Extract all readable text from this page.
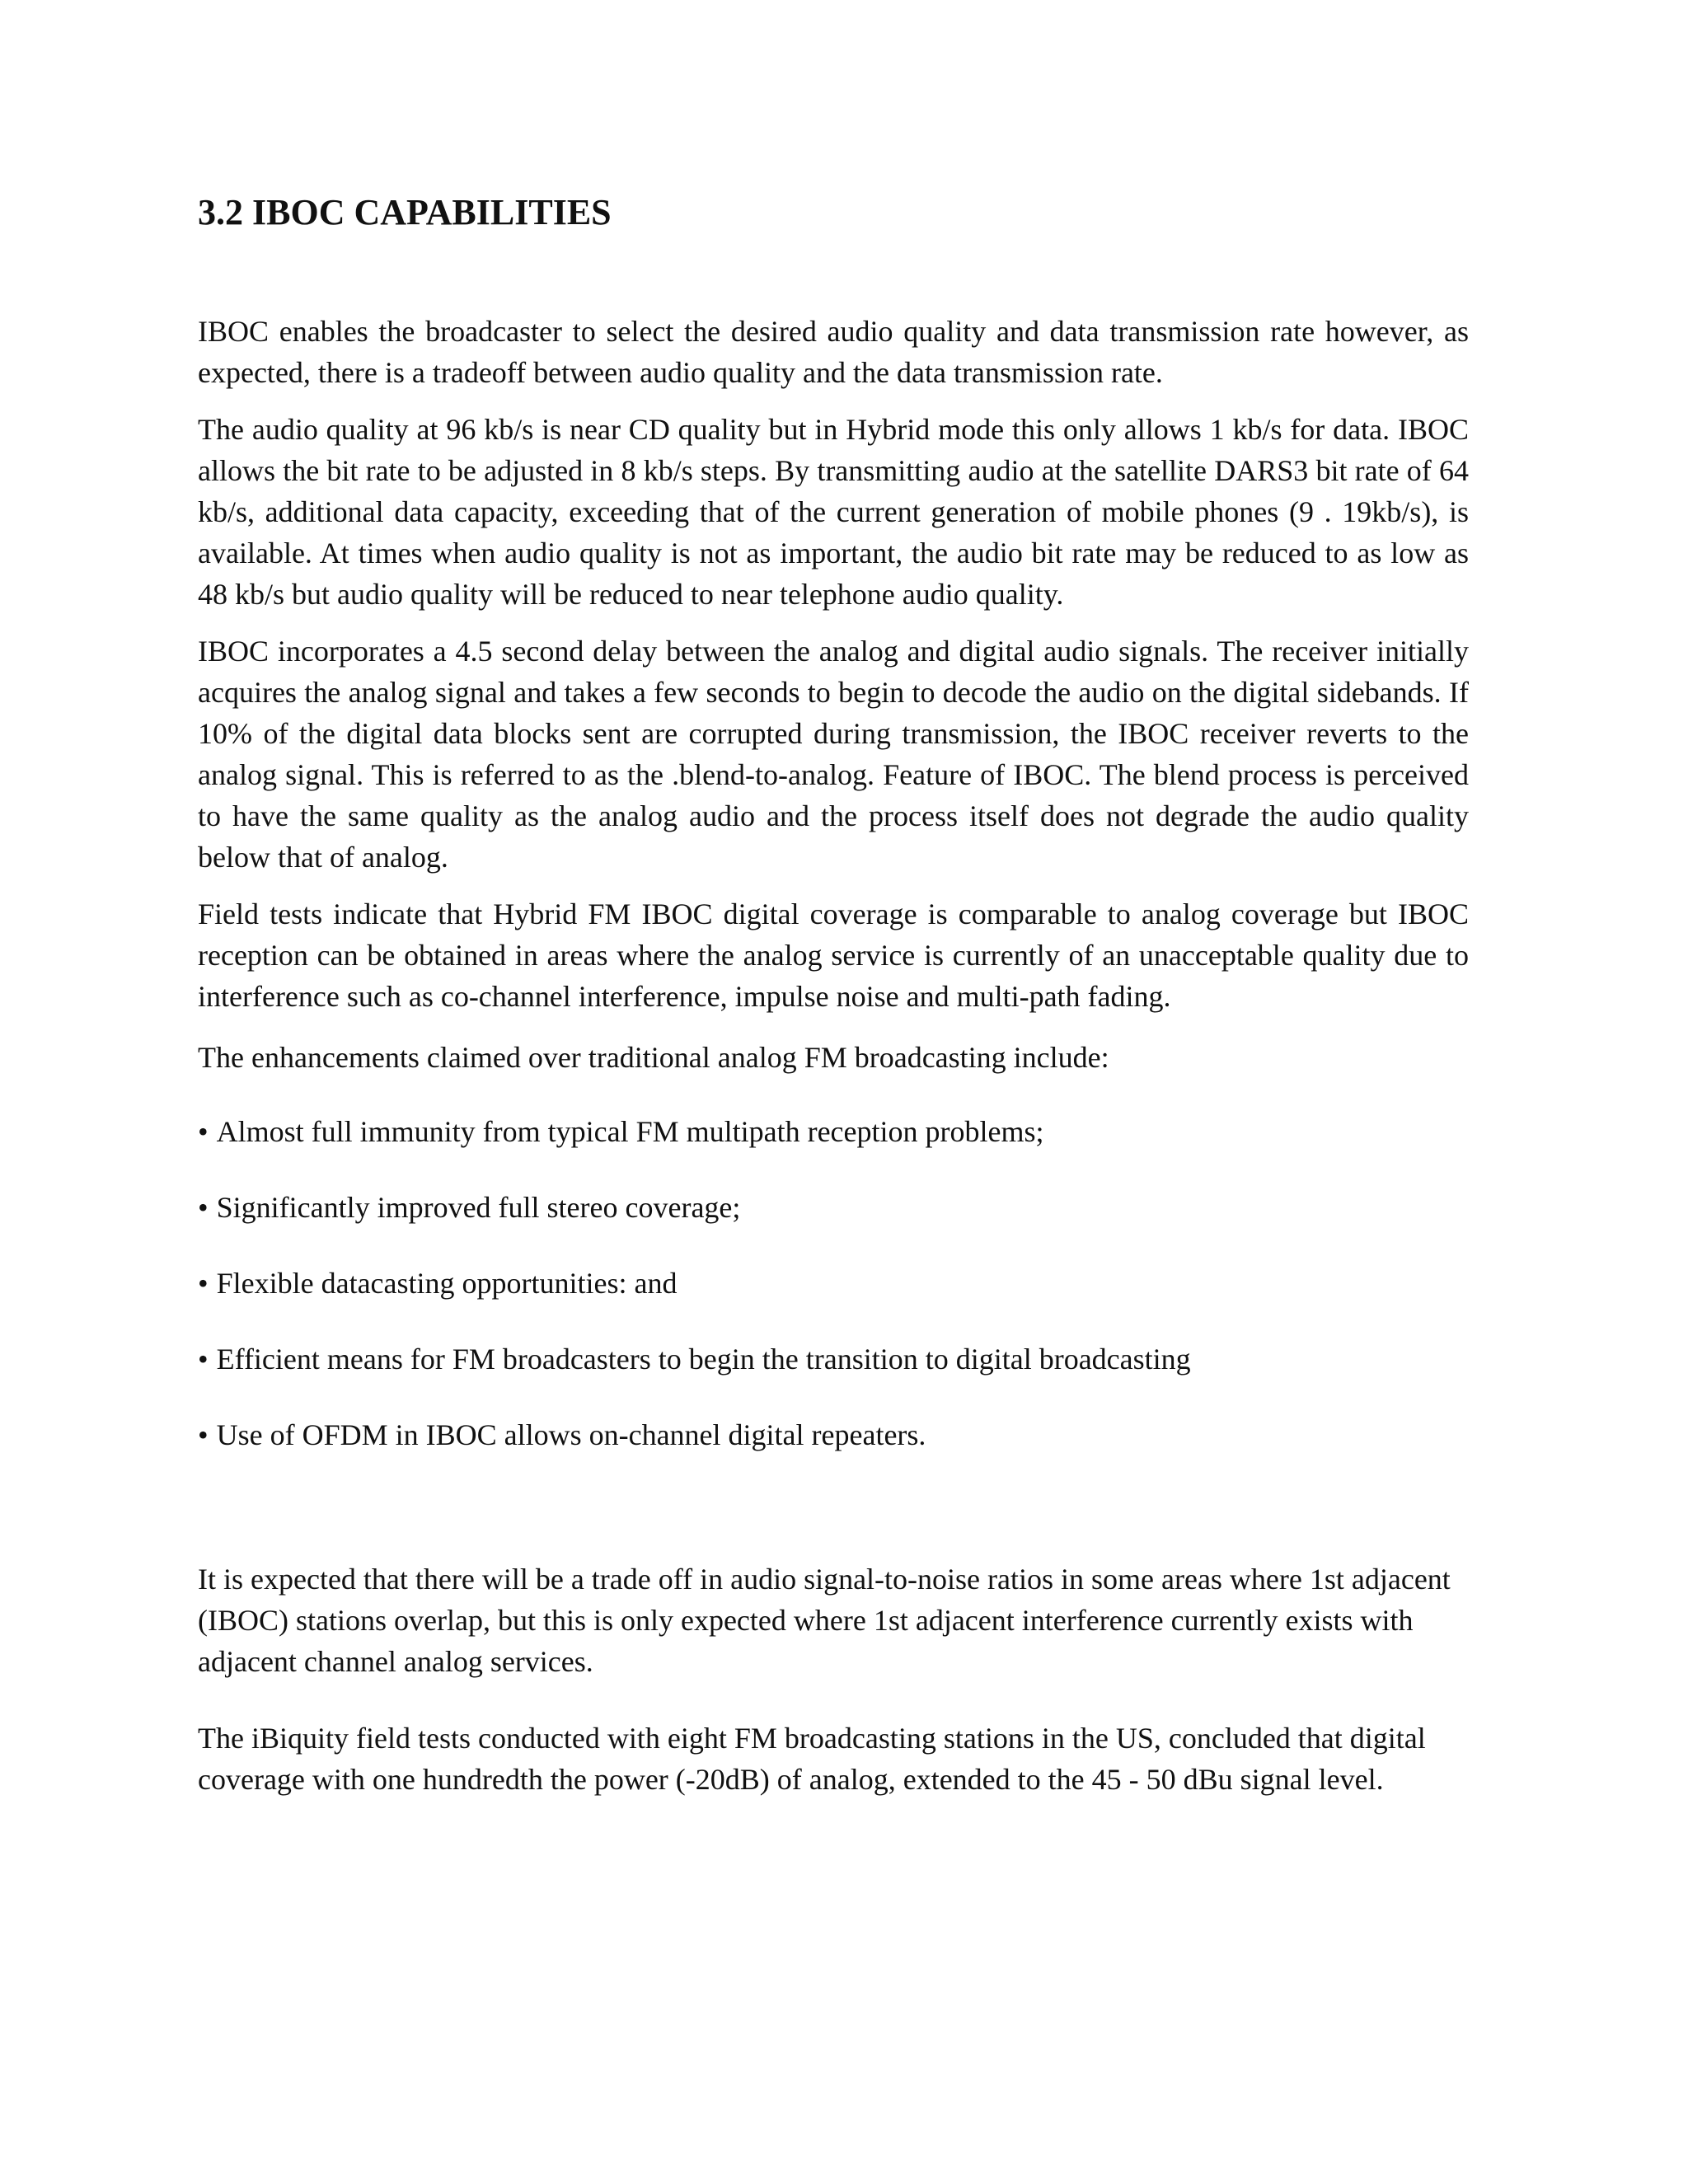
3.2 IBOC CAPABILITIES

IBOC enables the broadcaster to select the desired audio quality and data transmission rate however, as expected, there is a tradeoff between audio quality and the data transmission rate.

The audio quality at 96 kb/s is near CD quality but in Hybrid mode this only allows 1 kb/s for data. IBOC allows the bit rate to be adjusted in 8 kb/s steps. By transmitting audio at the satellite DARS3 bit rate of 64 kb/s, additional data capacity, exceeding that of the current generation of mobile phones (9 . 19kb/s), is available. At times when audio quality is not as important, the audio bit rate may be reduced to as low as 48 kb/s but audio quality will be reduced to near telephone audio quality.

IBOC incorporates a 4.5 second delay between the analog and digital audio signals. The receiver initially acquires the analog signal and takes a few seconds to begin to decode the audio on the digital sidebands. If 10% of the digital data blocks sent are corrupted during transmission, the IBOC receiver reverts to the analog signal. This is referred to as the .blend-to-analog. Feature of IBOC. The blend process is perceived to have the same quality as the analog audio and the process itself does not degrade the audio quality below that of analog.

Field tests indicate that Hybrid FM IBOC digital coverage is comparable to analog coverage but IBOC reception can be obtained in areas where the analog service is currently of an unacceptable quality due to interference such as co-channel interference, impulse noise and multi-path fading.

The enhancements claimed over traditional analog FM broadcasting include:

• Almost full immunity from typical FM multipath reception problems;
• Significantly improved full stereo coverage;
• Flexible datacasting opportunities: and
• Efficient means for FM broadcasters to begin the transition to digital broadcasting
• Use of OFDM in IBOC allows on-channel digital repeaters.

It is expected that there will be a trade off in audio signal-to-noise ratios in some areas where 1st adjacent (IBOC) stations overlap, but this is only expected where 1st adjacent interference currently exists with adjacent channel analog services.

The iBiquity field tests conducted with eight FM broadcasting stations in the US, concluded that digital coverage with one hundredth the power (-20dB) of analog, extended to the 45 - 50 dBu signal level.
